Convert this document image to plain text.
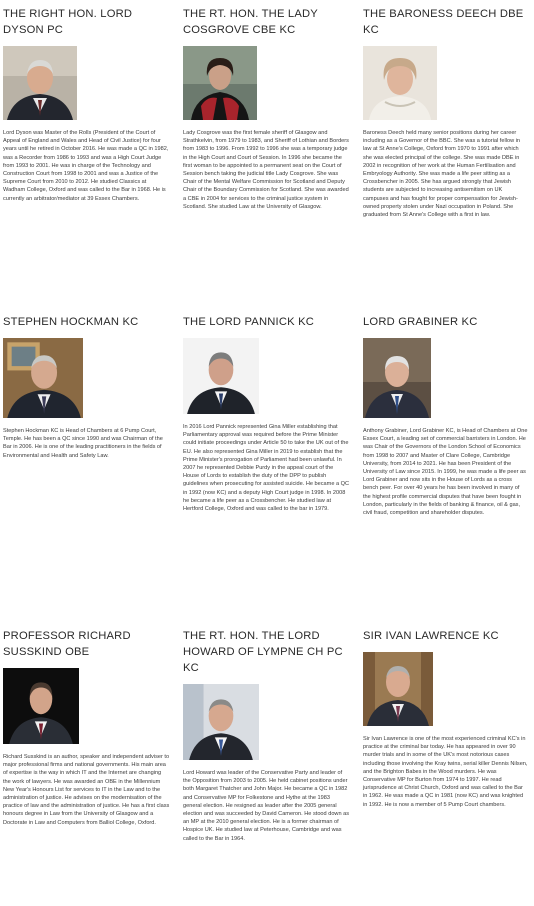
THE RIGHT HON. LORD DYSON PC

Lord Dyson was Master of the Rolls (President of the Court of Appeal of England and Wales and Head of Civil Justice) for four years until he retired in October 2016. He was made a QC in 1982, was a Recorder from 1986 to 1993 and was a High Court Judge from 1993 to 2001. He was in charge of the Technology and Construction Court from 1998 to 2001 and was a Justice of the Supreme Court from 2010 to 2012. He studied Classics at Wadham College, Oxford and was called to the Bar in 1968. He is currently an arbitrator/mediator at 39 Essex Chambers.

THE RT. HON. THE LADY COSGROVE CBE KC

Lady Cosgrove was the first female sheriff of Glasgow and Strathkelvin, from 1979 to 1983, and Sheriff of Lothian and Borders from 1983 to 1996. From 1992 to 1996 she was a temporary judge in the High Court and Court of Session. In 1996 she became the first woman to be appointed to a permanent seat on the Court of Session bench taking the judicial title Lady Cosgrove. She was Chair of the Mental Welfare Commission for Scotland and Deputy Chair of the Boundary Commission for Scotland. She was awarded a CBE in 2004 for services to the criminal justice system in Scotland. She studied Law at the University of Glasgow.

THE BARONESS DEECH DBE KC

Baroness Deech held many senior positions during her career including as a Governor of the BBC. She was a tutorial fellow in law at St Anne's College, Oxford from 1970 to 1991 after which she was elected principal of the college. She was made DBE in 2002 in recognition of her work at the Human Fertilisation and Embryology Authority. She was made a life peer sitting as a Crossbencher in 2005. She has argued strongly that Jewish students are subjected to increasing antisemitism on UK campuses and has fought for proper compensation for Jewish-owned property stolen under Nazi occupation in Poland. She graduated from St Anne's College with a first in law.

STEPHEN HOCKMAN KC

Stephen Hockman KC is Head of Chambers at 6 Pump Court, Temple. He has been a QC since 1990 and was Chairman of the Bar in 2006. He is one of the leading practitioners in the fields of Environmental and Health and Safety Law.

THE LORD PANNICK KC

In 2016 Lord Pannick represented Gina Miller establishing that Parliamentary approval was required before the Prime Minister could initiate proceedings under Article 50 to take the UK out of the EU. He also represented Gina Miller in 2019 to establish that the Prime Minister's prorogation of Parliament had been unlawful. In 2007 he represented Debbie Purdy in the appeal court of the House of Lords to establish the duty of the DPP to publish guidelines when prosecuting for assisted suicide. He became a QC in 1992 (now KC) and a deputy High Court judge in 1998. In 2008 he became a life peer as a Crossbencher. He studied law at Hertford College, Oxford and was called to the bar in 1979.

LORD GRABINER KC

Anthony Grabiner, Lord Grabiner KC, is Head of Chambers at One Essex Court, a leading set of commercial barristers in London. He was Chair of the Governors of the London School of Economics from 1998 to 2007 and Master of Clare College, Cambridge University, from 2014 to 2021. He has been President of the University of Law since 2015. In 1999, he was made a life peer as Lord Grabiner and now sits in the House of Lords as a cross bench peer. For over 40 years he has been involved in many of the highest profile commercial disputes that have been fought in London, particularly in the fields of banking & finance, oil & gas, civil fraud, competition and shareholder disputes.

PROFESSOR RICHARD SUSSKIND OBE

Richard Susskind is an author, speaker and independent adviser to major professional firms and national governments. His main area of expertise is the way in which IT and the Internet are changing the work of lawyers. He was awarded an OBE in the Millennium New Year's Honours List for services to IT in the Law and to the administration of justice. He advises on the modernisation of the practice of law and the administration of justice. He has a first class honours degree in Law from the University of Glasgow and a Doctorate in Law and Computers from Balliol College, Oxford.

THE RT. HON. THE LORD HOWARD OF LYMPNE CH PC KC

Lord Howard was leader of the Conservative Party and leader of the Opposition from 2003 to 2005. He held cabinet positions under both Margaret Thatcher and John Major. He became a QC in 1982 and Conservative MP for Folkestone and Hythe at the 1983 general election. He resigned as leader after the 2005 general election and was succeeded by David Cameron. He stood down as an MP at the 2010 general election. He is a former chairman of Hospice UK. He studied law at Peterhouse, Cambridge and was called to the Bar in 1964.

SIR IVAN LAWRENCE KC

Sir Ivan Lawrence is one of the most experienced criminal KC's in practice at the criminal bar today. He has appeared in over 90 murder trials and in some of the UK's most notorious cases including those involving the Kray twins, serial killer Dennis Nilsen, and the Brighton Babes in the Wood murders. He was Conservative MP for Burton from 1974 to 1997. He read jurisprudence at Christ Church, Oxford and was called to the Bar in 1962. He was made a QC in 1981 (now KC) and was knighted in 1992. He is now a member of 5 Pump Court chambers.
